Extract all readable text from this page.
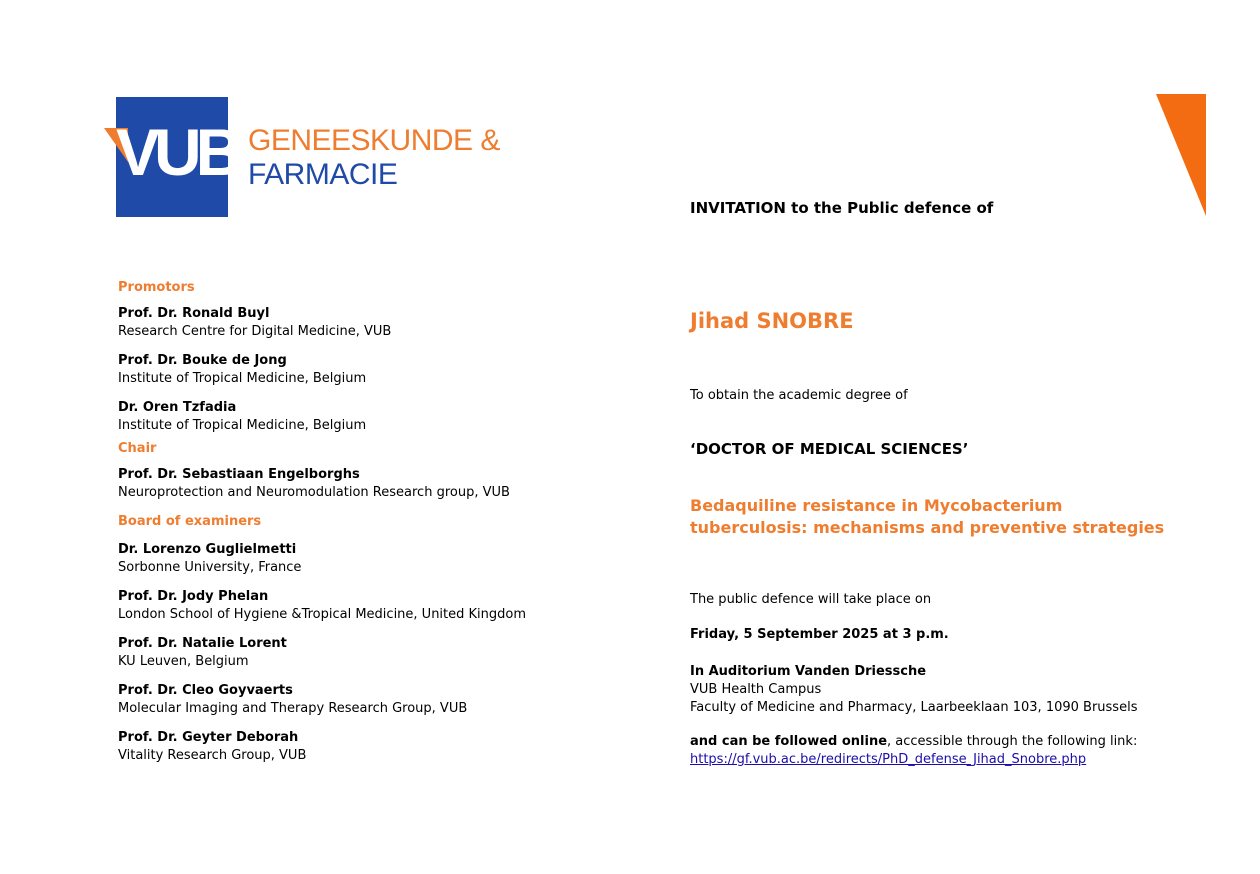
VUB GENEESKUNDE &
FARMACIE
Promotors
Prof. Dr. Ronald Buyl
Research Centre for Digital Medicine, VUB
Prof. Dr. Bouke de Jong
Institute of Tropical Medicine, Belgium
Dr. Oren Tzfadia
Institute of Tropical Medicine, Belgium
Chair
Prof. Dr. Sebastiaan Engelborghs
Neuroprotection and Neuromodulation Research group, VUB
Board of examiners
Dr. Lorenzo Guglielmetti
Sorbonne University, France
Prof. Dr. Jody Phelan
London School of Hygiene &Tropical Medicine, United Kingdom
Prof. Dr. Natalie Lorent
KU Leuven, Belgium
Prof. Dr. Cleo Goyvaerts
Molecular Imaging and Therapy Research Group, VUB
Prof. Dr. Geyter Deborah
Vitality Research Group, VUB
INVITATION to the Public defence of
Jihad SNOBRE
To obtain the academic degree of
‘DOCTOR OF MEDICAL SCIENCES’
Bedaquiline resistance in Mycobacterium
tuberculosis: mechanisms and preventive strategies
The public defence will take place on
Friday, 5 September 2025 at 3 p.m.
In Auditorium Vanden Driessche
VUB Health Campus
Faculty of Medicine and Pharmacy, Laarbeeklaan 103, 1090 Brussels
and can be followed online, accessible through the following link:
https://gf.vub.ac.be/redirects/PhD_defense_Jihad_Snobre.php
